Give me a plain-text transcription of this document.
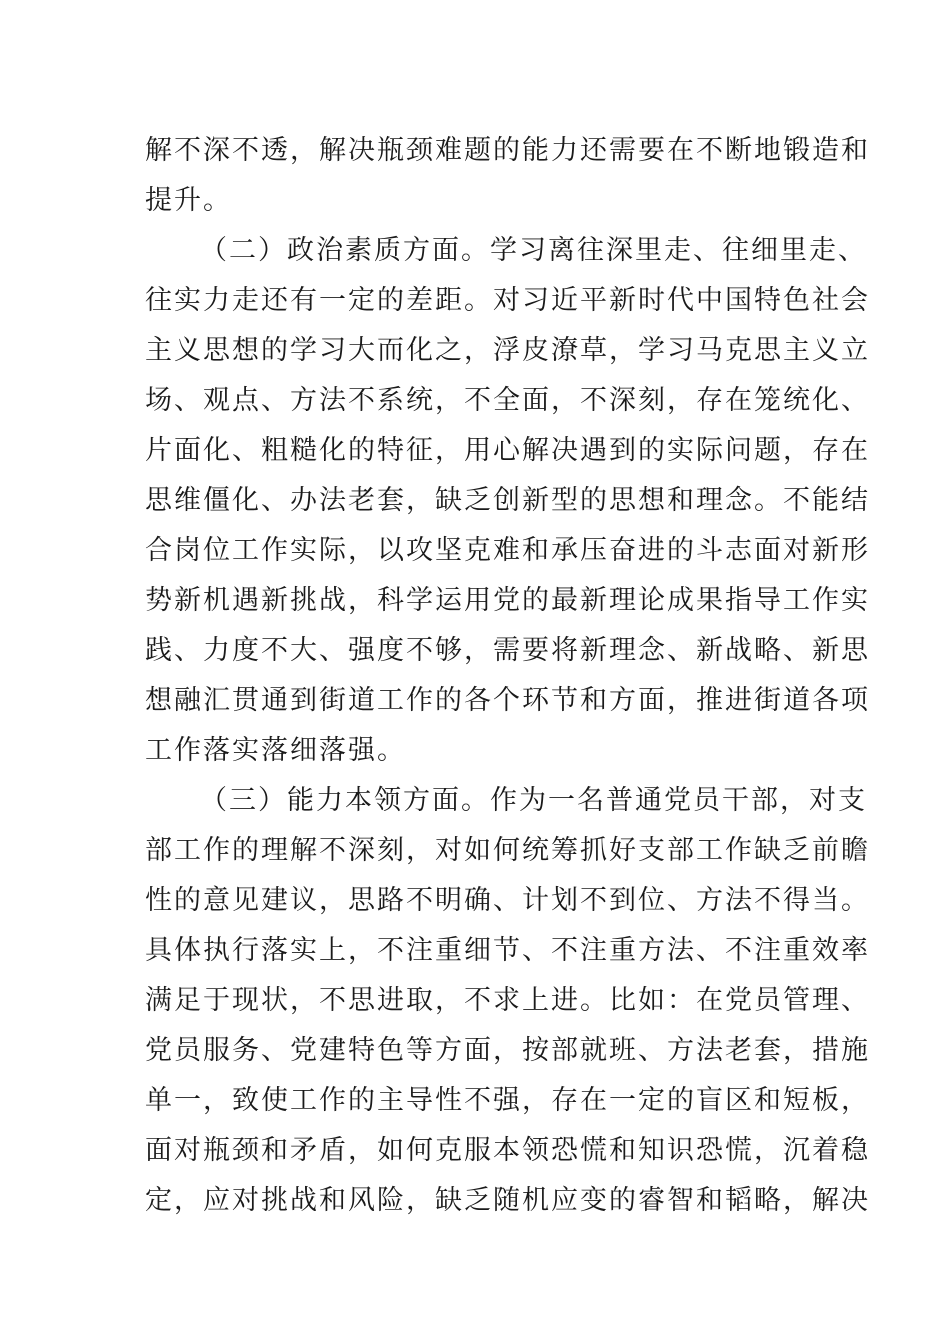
解不深不透，解决瓶颈难题的能力还需要在不断地锻造和
提升。
（二）政治素质方面。学习离往深里走、往细里走、
往实力走还有一定的差距。对习近平新时代中国特色社会
主义思想的学习大而化之，浮皮潦草，学习马克思主义立
场、观点、方法不系统，不全面，不深刻，存在笼统化、
片面化、粗糙化的特征，用心解决遇到的实际问题，存在
思维僵化、办法老套，缺乏创新型的思想和理念。不能结
合岗位工作实际，以攻坚克难和承压奋进的斗志面对新形
势新机遇新挑战，科学运用党的最新理论成果指导工作实
践、力度不大、强度不够，需要将新理念、新战略、新思
想融汇贯通到街道工作的各个环节和方面，推进街道各项
工作落实落细落强。
（三）能力本领方面。作为一名普通党员干部，对支
部工作的理解不深刻，对如何统筹抓好支部工作缺乏前瞻
性的意见建议，思路不明确、计划不到位、方法不得当。
具体执行落实上，不注重细节、不注重方法、不注重效率
满足于现状，不思进取，不求上进。比如：在党员管理、
党员服务、党建特色等方面，按部就班、方法老套，措施
单一，致使工作的主导性不强，存在一定的盲区和短板，
面对瓶颈和矛盾，如何克服本领恐慌和知识恐慌，沉着稳
定，应对挑战和风险，缺乏随机应变的睿智和韬略，解决
